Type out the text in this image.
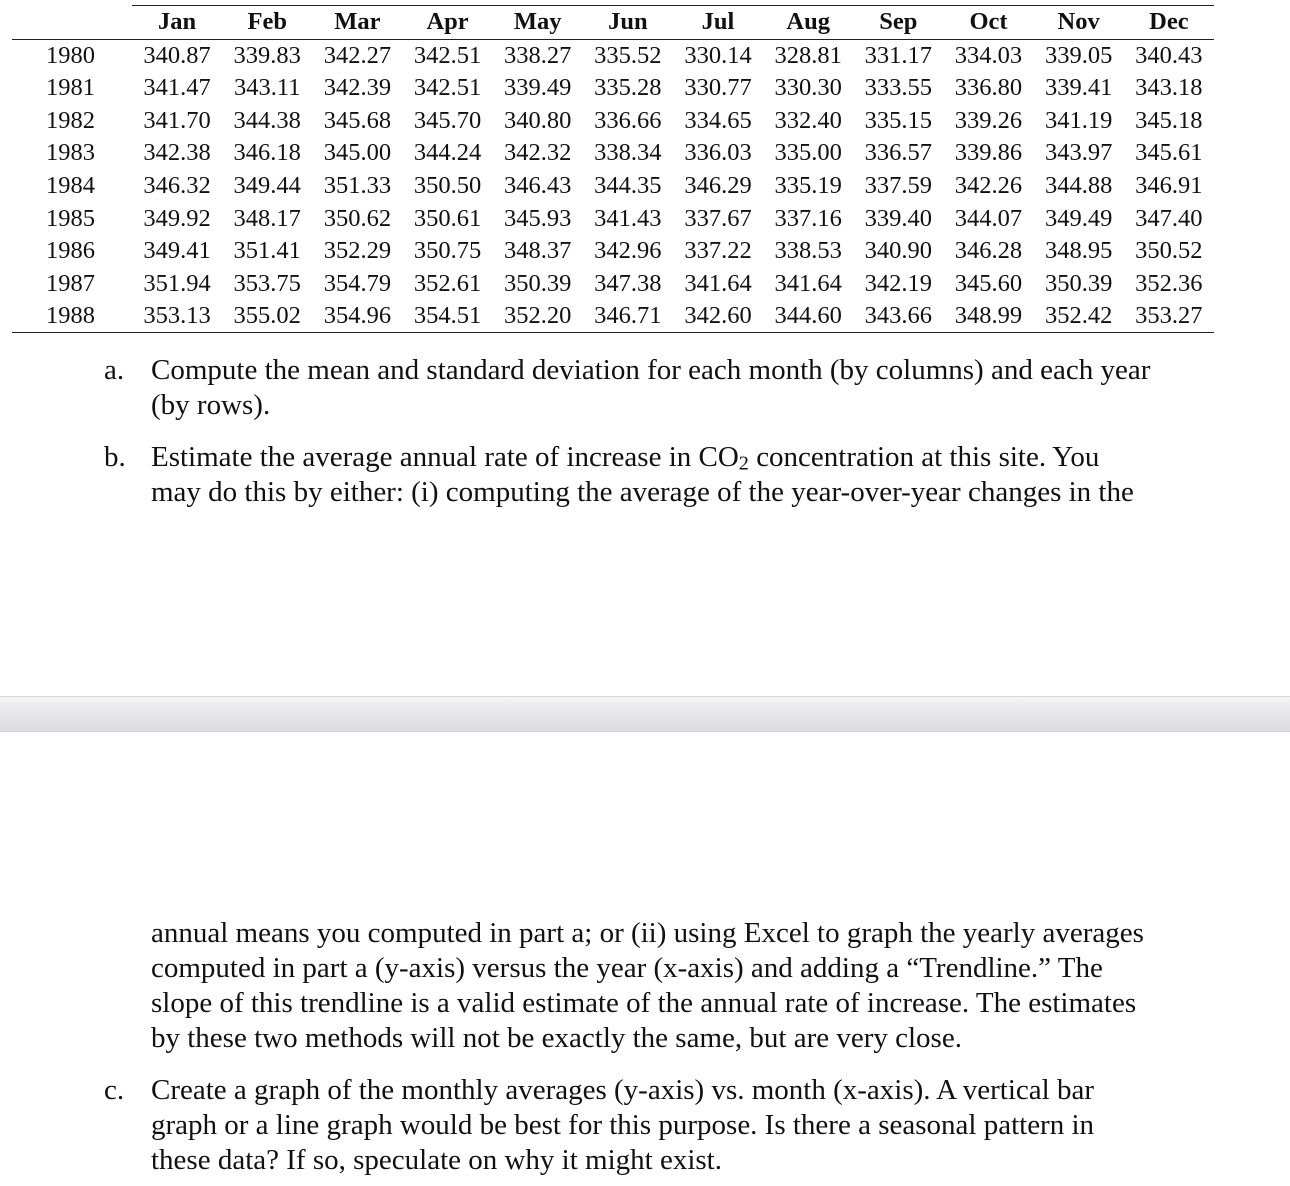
	Jan	Feb	Mar	Apr	May	Jun	Jul	Aug	Sep	Oct	Nov	Dec
1980	340.87	339.83	342.27	342.51	338.27	335.52	330.14	328.81	331.17	334.03	339.05	340.43
1981	341.47	343.11	342.39	342.51	339.49	335.28	330.77	330.30	333.55	336.80	339.41	343.18
1982	341.70	344.38	345.68	345.70	340.80	336.66	334.65	332.40	335.15	339.26	341.19	345.18
1983	342.38	346.18	345.00	344.24	342.32	338.34	336.03	335.00	336.57	339.86	343.97	345.61
1984	346.32	349.44	351.33	350.50	346.43	344.35	346.29	335.19	337.59	342.26	344.88	346.91
1985	349.92	348.17	350.62	350.61	345.93	341.43	337.67	337.16	339.40	344.07	349.49	347.40
1986	349.41	351.41	352.29	350.75	348.37	342.96	337.22	338.53	340.90	346.28	348.95	350.52
1987	351.94	353.75	354.79	352.61	350.39	347.38	341.64	341.64	342.19	345.60	350.39	352.36
1988	353.13	355.02	354.96	354.51	352.20	346.71	342.60	344.60	343.66	348.99	352.42	353.27
a. Compute the mean and standard deviation for each month (by columns) and each year
(by rows).
b. Estimate the average annual rate of increase in $CO_2$ concentration at this site. You
may do this by either: (i) computing the average of the year-over-year changes in the
annual means you computed in part a; or (ii) using Excel to graph the yearly averages
computed in part a (y-axis) versus the year (x-axis) and adding a “Trendline.” The
slope of this trendline is a valid estimate of the annual rate of increase. The estimates
by these two methods will not be exactly the same, but are very close.
c. Create a graph of the monthly averages (y-axis) vs. month (x-axis). A vertical bar
graph or a line graph would be best for this purpose. Is there a seasonal pattern in
these data? If so, speculate on why it might exist.
